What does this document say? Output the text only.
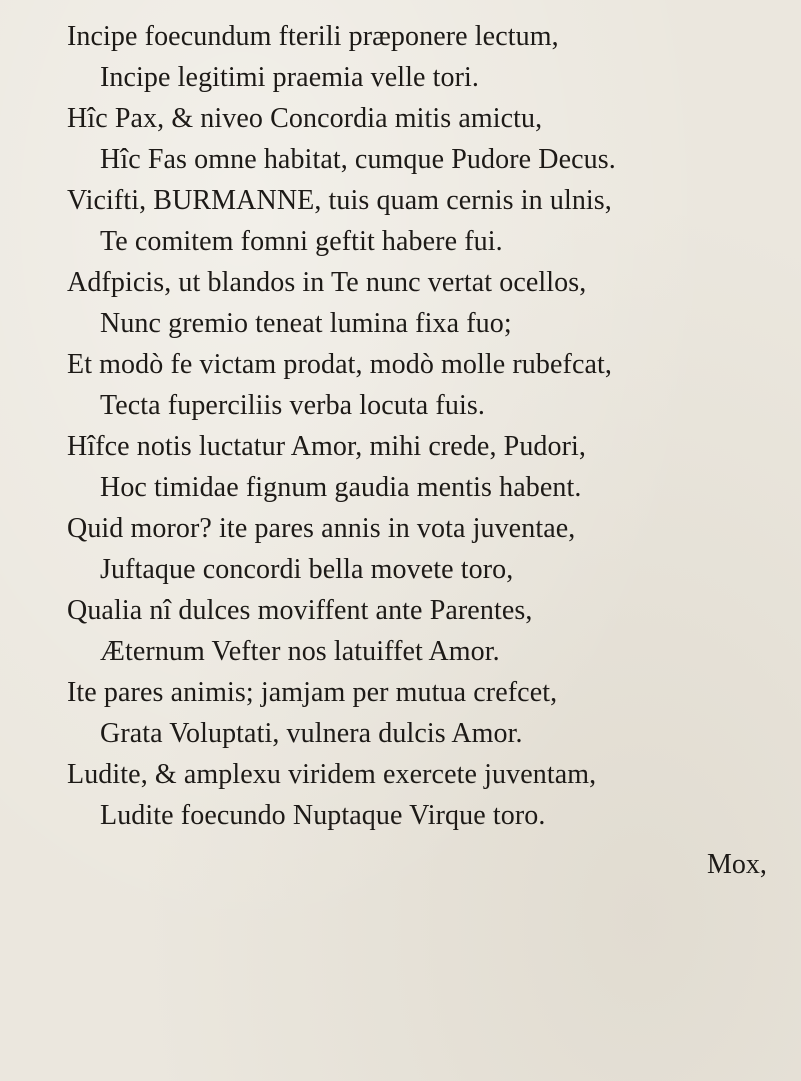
Incipe foecundum fterili præponere lectum,
Incipe legitimi praemia velle tori.
Hîc Pax, & niveo Concordia mitis amictu,
Hîc Fas omne habitat, cumque Pudore Decus.
Vicifti, BURMANNE, tuis quam cernis in ulnis,
Te comitem fomni geftit habere fui.
Adfpicis, ut blandos in Te nunc vertat ocellos,
Nunc gremio teneat lumina fixa fuo;
Et modò fe victam prodat, modò molle rubefcat,
Tecta fuperciliis verba locuta fuis.
Hîfce notis luctatur Amor, mihi crede, Pudori,
Hoc timidae fignum gaudia mentis habent.
Quid moror? ite pares annis in vota juventae,
Juftaque concordi bella movete toro,
Qualia nî dulces moviffent ante Parentes,
Æternum Vefter nos latuiffet Amor.
Ite pares animis; jamjam per mutua crefcet,
Grata Voluptati, vulnera dulcis Amor.
Ludite, & amplexu viridem exercete juventam,
Ludite foecundo Nuptaque Virque toro.
Mox,
